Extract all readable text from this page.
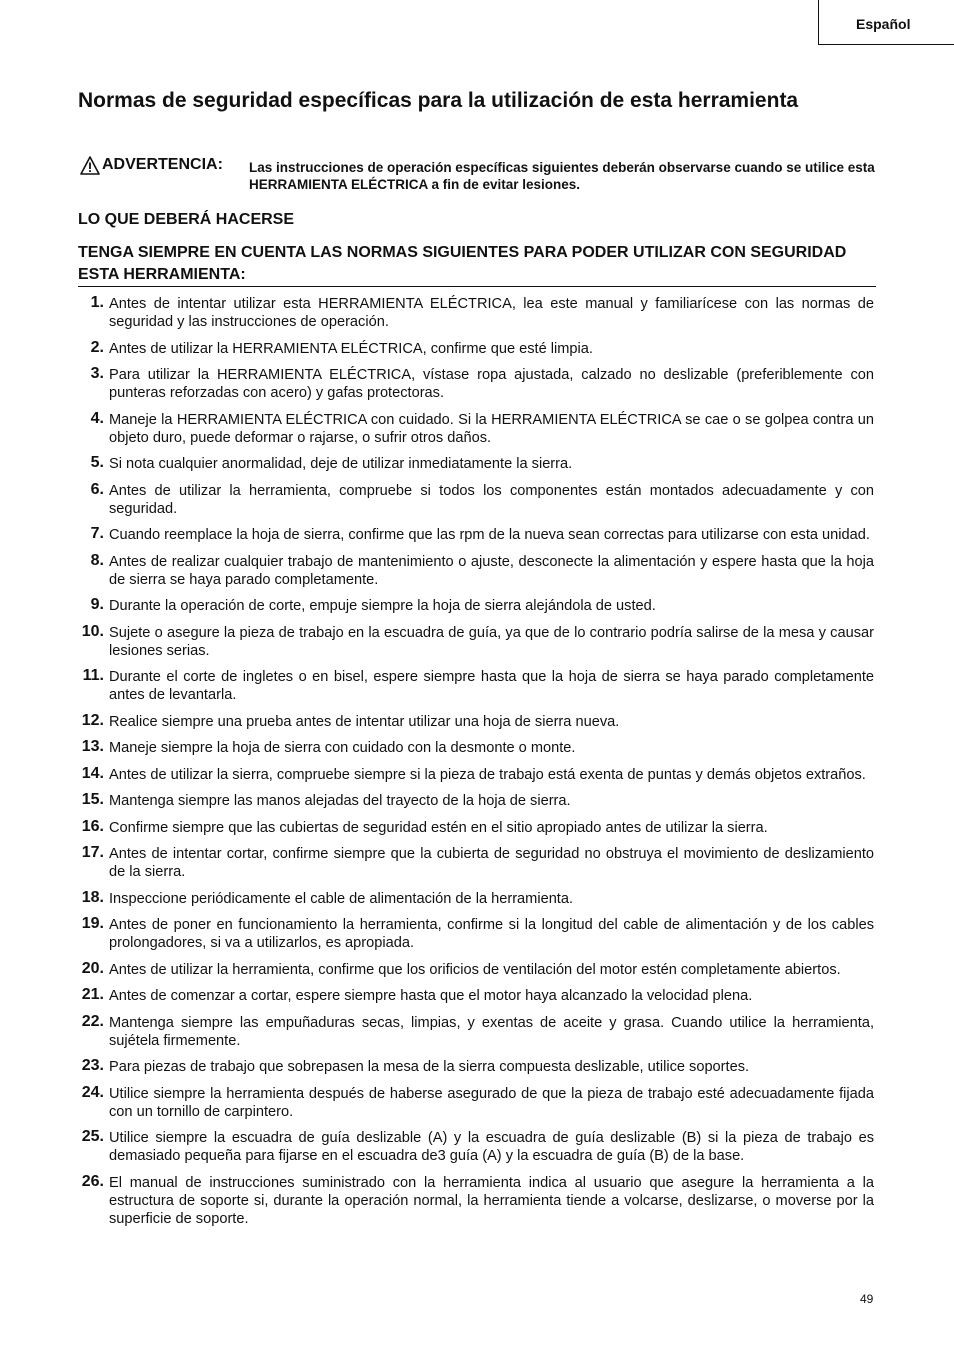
Español
Normas de seguridad específicas para la utilización de esta herramienta
ADVERTENCIA: Las instrucciones de operación específicas siguientes deberán observarse cuando se utilice esta HERRAMIENTA ELÉCTRICA a fin de evitar lesiones.
LO QUE DEBERÁ HACERSE
TENGA SIEMPRE EN CUENTA LAS NORMAS SIGUIENTES PARA PODER UTILIZAR CON SEGURIDAD ESTA HERRAMIENTA:
1. Antes de intentar utilizar esta HERRAMIENTA ELÉCTRICA, lea este manual y familiarícese con las normas de seguridad y las instrucciones de operación.
2. Antes de utilizar la HERRAMIENTA ELÉCTRICA, confirme que esté limpia.
3. Para utilizar la HERRAMIENTA ELÉCTRICA, vístase ropa ajustada, calzado no deslizable (preferiblemente con punteras reforzadas con acero) y gafas protectoras.
4. Maneje la HERRAMIENTA ELÉCTRICA con cuidado. Si la HERRAMIENTA ELÉCTRICA se cae o se golpea contra un objeto duro, puede deformar o rajarse, o sufrir otros daños.
5. Si nota cualquier anormalidad, deje de utilizar inmediatamente la sierra.
6. Antes de utilizar la herramienta, compruebe si todos los componentes están montados adecuadamente y con seguridad.
7. Cuando reemplace la hoja de sierra, confirme que las rpm de la nueva sean correctas para utilizarse con esta unidad.
8. Antes de realizar cualquier trabajo de mantenimiento o ajuste, desconecte la alimentación y espere hasta que la hoja de sierra se haya parado completamente.
9. Durante la operación de corte, empuje siempre la hoja de sierra alejándola de usted.
10. Sujete o asegure la pieza de trabajo en la escuadra de guía, ya que de lo contrario podría salirse de la mesa y causar lesiones serias.
11. Durante el corte de ingletes o en bisel, espere siempre hasta que la hoja de sierra se haya parado completamente antes de levantarla.
12. Realice siempre una prueba antes de intentar utilizar una hoja de sierra nueva.
13. Maneje siempre la hoja de sierra con cuidado con la desmonte o monte.
14. Antes de utilizar la sierra, compruebe siempre si la pieza de trabajo está exenta de puntas y demás objetos extraños.
15. Mantenga siempre las manos alejadas del trayecto de la hoja de sierra.
16. Confirme siempre que las cubiertas de seguridad estén en el sitio apropiado antes de utilizar la sierra.
17. Antes de intentar cortar, confirme siempre que la cubierta de seguridad no obstruya el movimiento de deslizamiento de la sierra.
18. Inspeccione periódicamente el cable de alimentación de la herramienta.
19. Antes de poner en funcionamiento la herramienta, confirme si la longitud del cable de alimentación y de los cables prolongadores, si va a utilizarlos, es apropiada.
20. Antes de utilizar la herramienta, confirme que los orificios de ventilación del motor estén completamente abiertos.
21. Antes de comenzar a cortar, espere siempre hasta que el motor haya alcanzado la velocidad plena.
22. Mantenga siempre las empuñaduras secas, limpias, y exentas de aceite y grasa. Cuando utilice la herramienta, sujétela firmemente.
23. Para piezas de trabajo que sobrepasen la mesa de la sierra compuesta deslizable, utilice soportes.
24. Utilice siempre la herramienta después de haberse asegurado de que la pieza de trabajo esté adecuadamente fijada con un tornillo de carpintero.
25. Utilice siempre la escuadra de guía deslizable (A) y la escuadra de guía deslizable (B) si la pieza de trabajo es demasiado pequeña para fijarse en el escuadra de3 guía (A) y la escuadra de guía (B) de la base.
26. El manual de instrucciones suministrado con la herramienta indica al usuario que asegure la herramienta a la estructura de soporte si, durante la operación normal, la herramienta tiende a volcarse, deslizarse, o moverse por la superficie de soporte.
49
